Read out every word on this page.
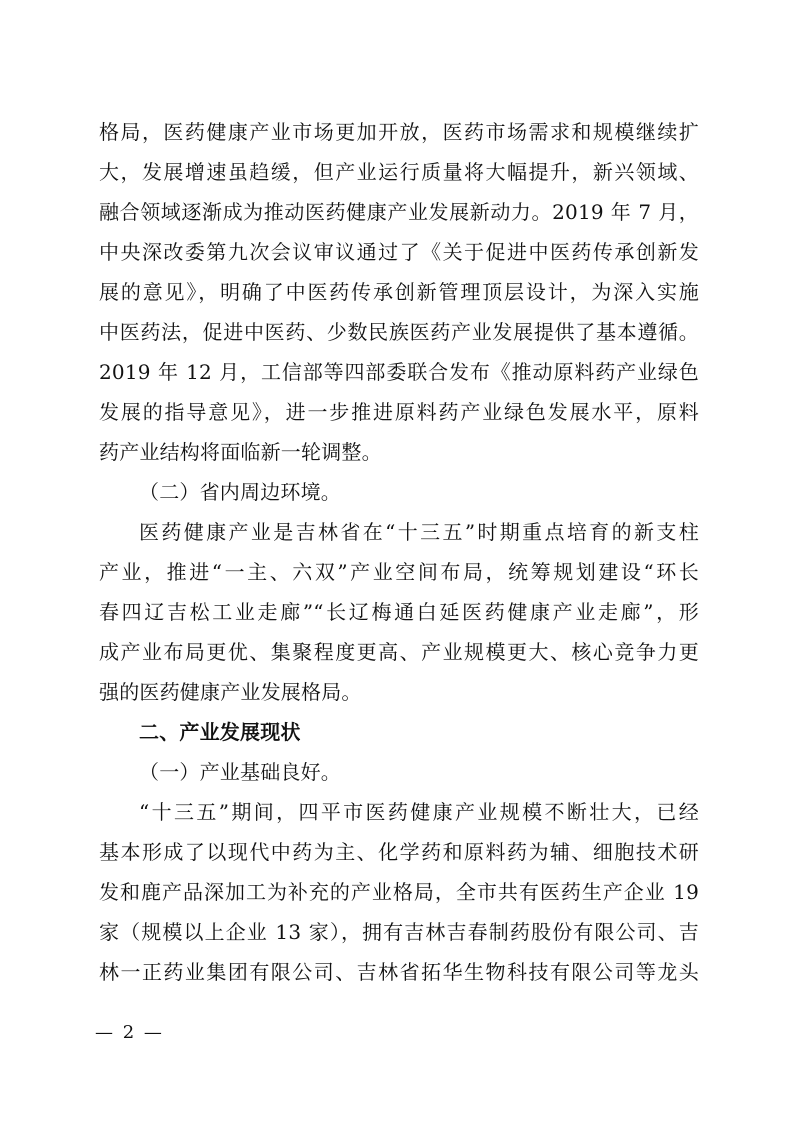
格局，医药健康产业市场更加开放，医药市场需求和规模继续扩
大，发展增速虽趋缓，但产业运行质量将大幅提升，新兴领域、
融合领域逐渐成为推动医药健康产业发展新动力。2019 年 7 月，
中央深改委第九次会议审议通过了《关于促进中医药传承创新发
展的意见》，明确了中医药传承创新管理顶层设计，为深入实施
中医药法，促进中医药、少数民族医药产业发展提供了基本遵循。
2019 年 12 月，工信部等四部委联合发布《推动原料药产业绿色
发展的指导意见》，进一步推进原料药产业绿色发展水平，原料
药产业结构将面临新一轮调整。
（二）省内周边环境。
医药健康产业是吉林省在“十三五”时期重点培育的新支柱
产业，推进“一主、六双”产业空间布局，统筹规划建设“环长
春四辽吉松工业走廊”“长辽梅通白延医药健康产业走廊”，形
成产业布局更优、集聚程度更高、产业规模更大、核心竞争力更
强的医药健康产业发展格局。
二、产业发展现状
（一）产业基础良好。
“十三五”期间，四平市医药健康产业规模不断壮大，已经
基本形成了以现代中药为主、化学药和原料药为辅、细胞技术研
发和鹿产品深加工为补充的产业格局，全市共有医药生产企业 19
家（规模以上企业 13 家），拥有吉林吉春制药股份有限公司、吉
林一正药业集团有限公司、吉林省拓华生物科技有限公司等龙头
— 2 —
